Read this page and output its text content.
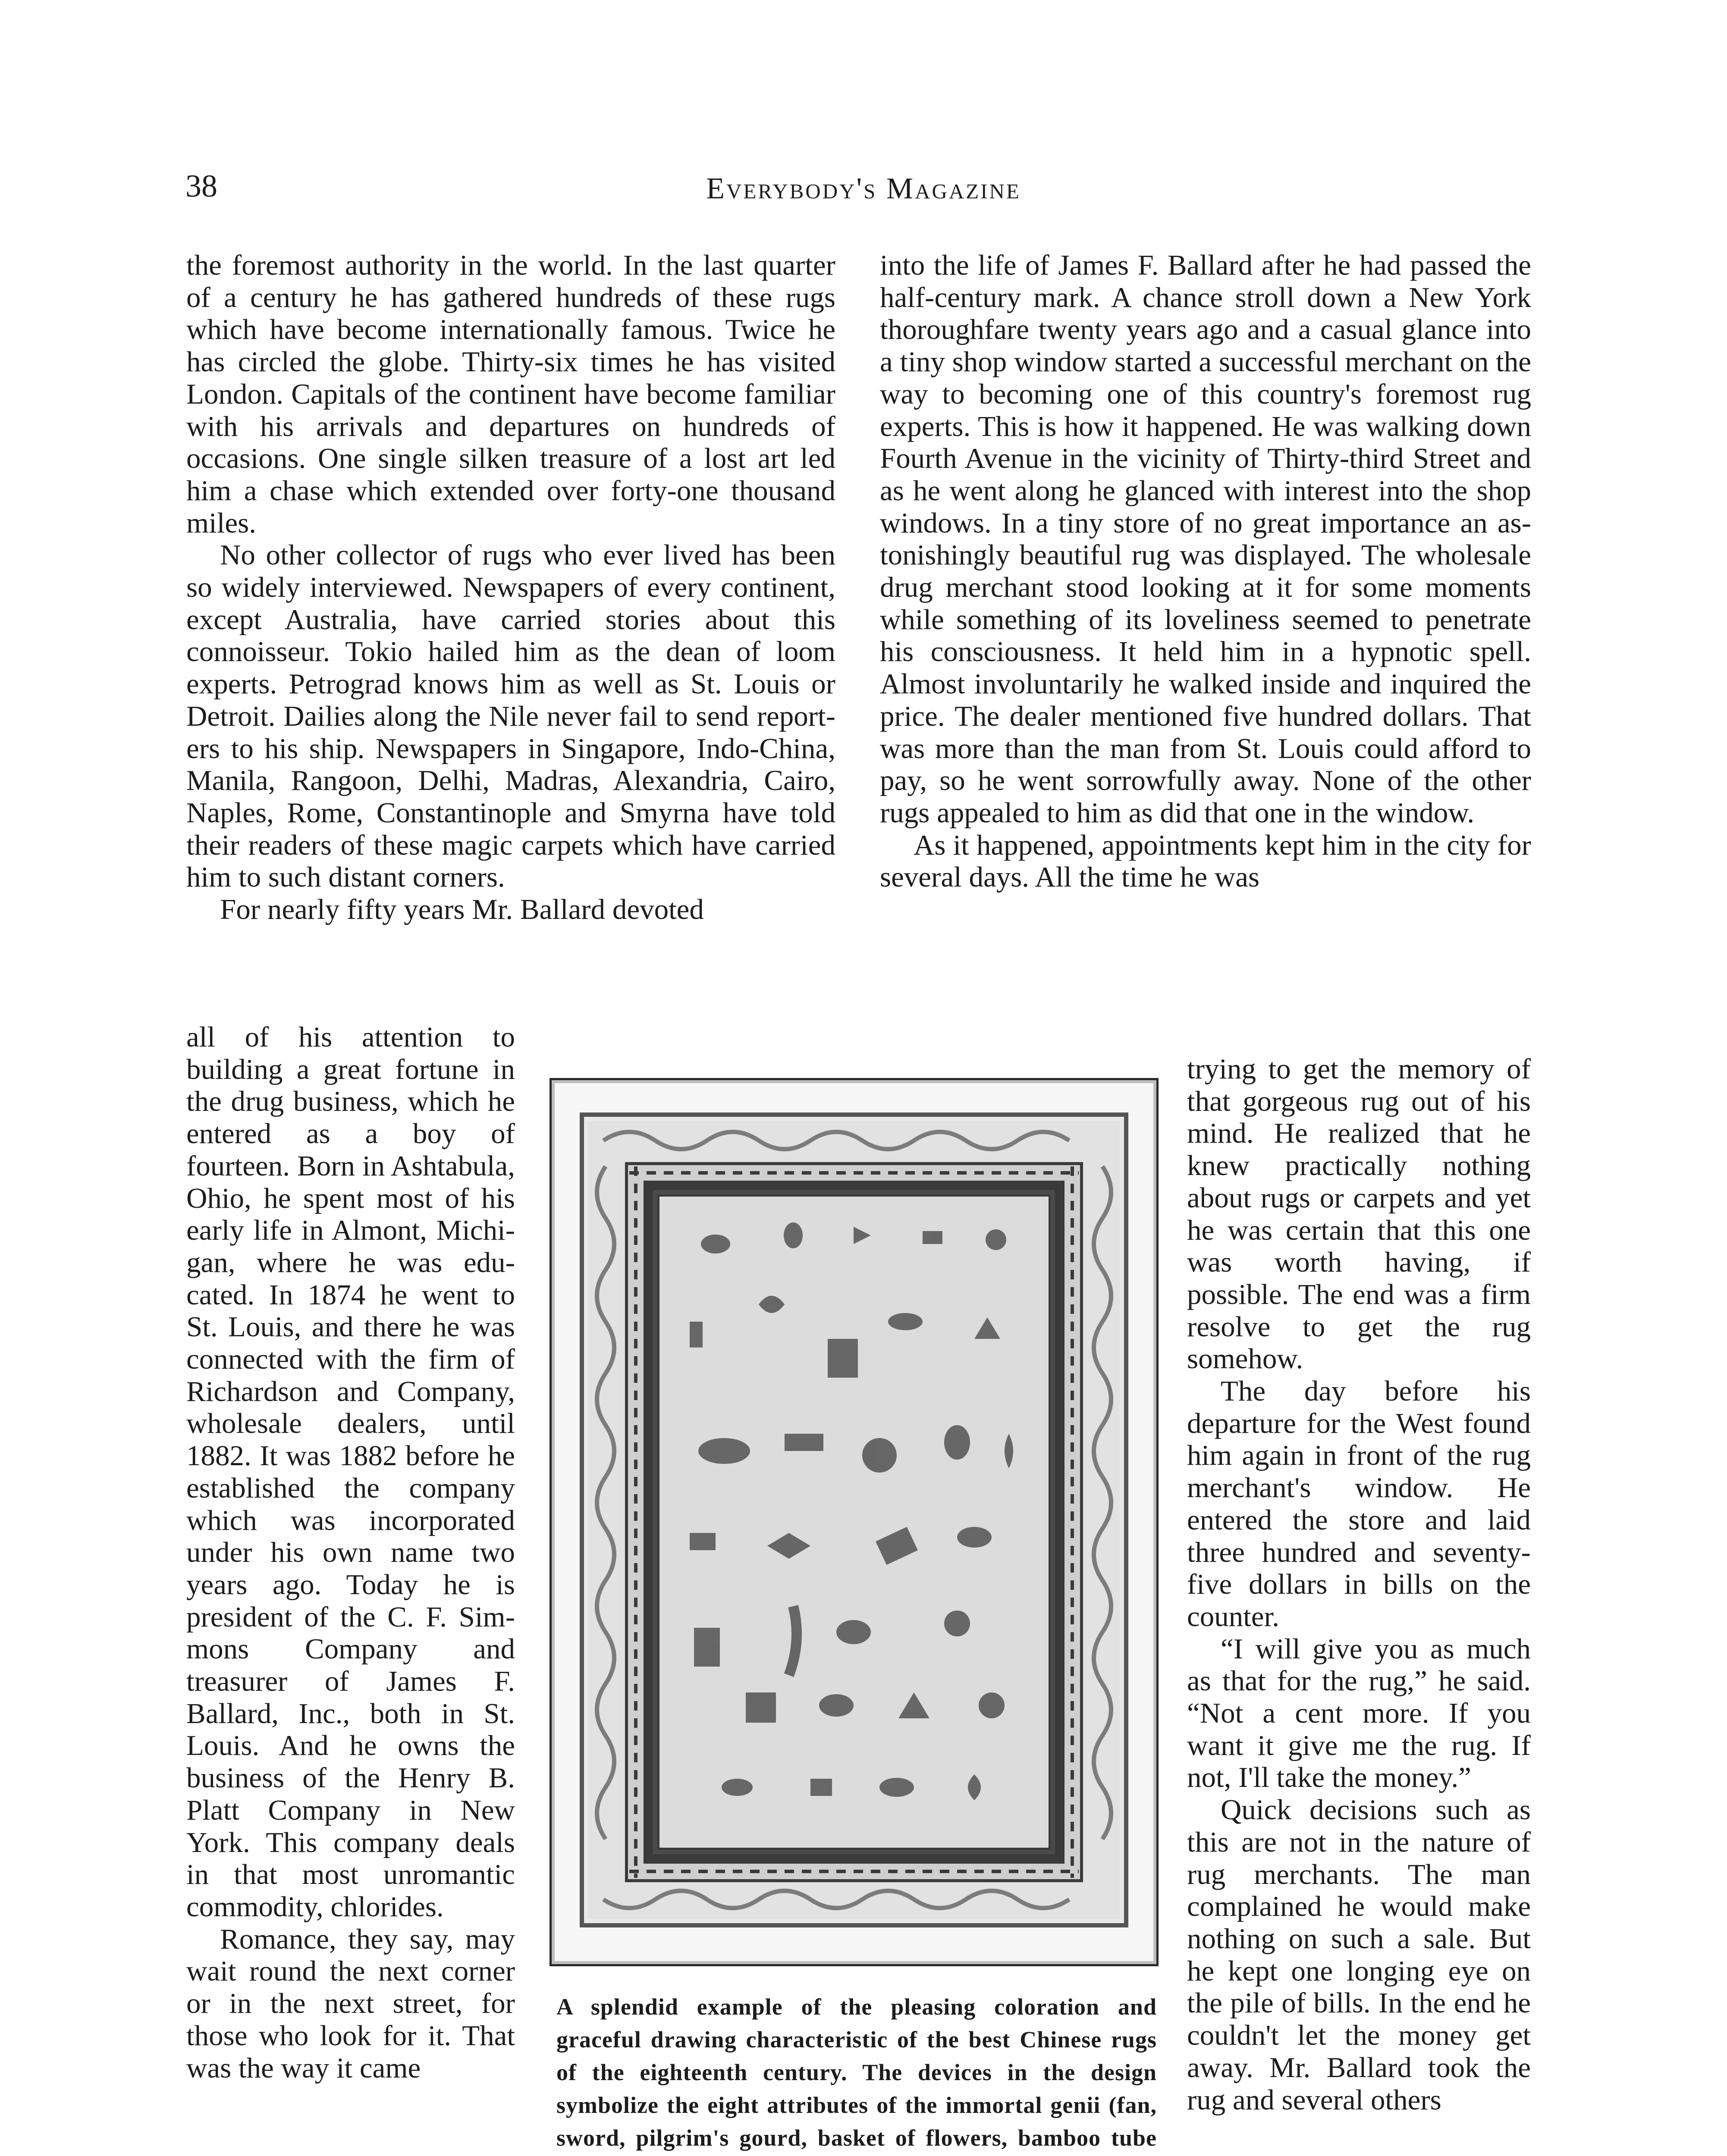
38	Everybody's Magazine

the foremost authority in the world. In the last quarter of a century he has gathered hundreds of these rugs which have become internationally famous. Twice he has circled the globe. Thirty-six times he has visited London. Capitals of the continent have become familiar with his arrivals and departures on hundreds of occasions. One single silken treasure of a lost art led him a chase which extended over forty-one thousand miles.

No other collector of rugs who ever lived has been so widely interviewed. Newspapers of every continent, except Australia, have carried stories about this connoisseur. Tokio hailed him as the dean of loom experts. Petrograd knows him as well as St. Louis or Detroit. Dailies along the Nile never fail to send reporters to his ship. Newspapers in Singapore, Indo-China, Manila, Rangoon, Delhi, Madras, Alexandria, Cairo, Naples, Rome, Constantinople and Smyrna have told their readers of these magic carpets which have carried him to such distant corners.

For nearly fifty years Mr. Ballard devoted

all of his attention to building a great fortune in the drug business, which he entered as a boy of fourteen. Born in Ashtabula, Ohio, he spent most of his early life in Almont, Michigan, where he was educated. In 1874 he went to St. Louis, and there he was connected with the firm of Richardson and Company, wholesale dealers, until 1882. It was 1882 before he established the company which was incorporated under his own name two years ago. Today he is president of the C. F. Simmons Company and treasurer of James F. Ballard, Inc., both in St. Louis. And he owns the business of the Henry B. Platt Company in New York. This company deals in that most unromantic commodity, chlorides.

Romance, they say, may wait round the next corner or in the next street, for those who look for it. That was the way it came

into the life of James F. Ballard after he had passed the half-century mark. A chance stroll down a New York thoroughfare twenty years ago and a casual glance into a tiny shop window started a successful merchant on the way to becoming one of this country's foremost rug experts. This is how it happened. He was walking down Fourth Avenue in the vicinity of Thirty-third Street and as he went along he glanced with interest into the shop windows. In a tiny store of no great importance an astonishingly beautiful rug was displayed. The wholesale drug merchant stood looking at it for some moments while something of its loveliness seemed to penetrate his consciousness. It held him in a hypnotic spell. Almost involuntarily he walked inside and inquired the price. The dealer mentioned five hundred dollars. That was more than the man from St. Louis could afford to pay, so he went sorrowfully away. None of the other rugs appealed to him as did that one in the window.

As it happened, appointments kept him in the city for several days. All the time he was

trying to get the memory of that gorgeous rug out of his mind. He realized that he knew practically nothing about rugs or carpets and yet he was certain that this one was worth having, if possible. The end was a firm resolve to get the rug somehow.

The day before his departure for the West found him again in front of the rug merchant's window. He entered the store and laid three hundred and seventy-five dollars in bills on the counter.

“I will give you as much as that for the rug,” he said. “Not a cent more. If you want it give me the rug. If not, I'll take the money.”

Quick decisions such as this are not in the nature of rug merchants. The man complained he would make nothing on such a sale. But he kept one longing eye on the pile of bills. In the end he couldn't let the money get away. Mr. Ballard took the rug and several others

A splendid example of the pleasing coloration and graceful drawing characteristic of the best Chinese rugs of the eighteenth century. The devices in the design symbolize the eight attributes of the immortal genii (fan, sword, pilgrim's gourd, basket of flowers, bamboo tube
